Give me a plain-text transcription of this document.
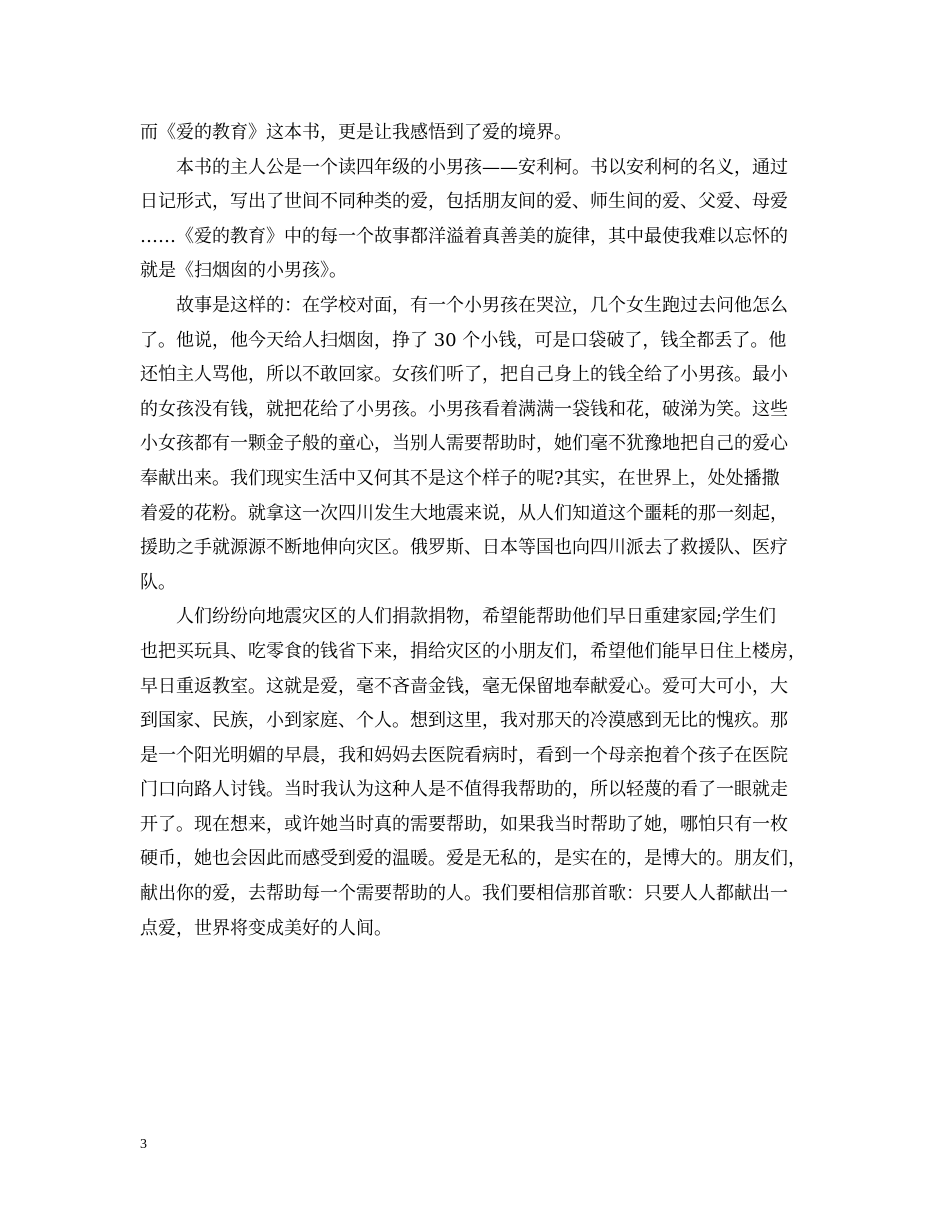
而《爱的教育》这本书，更是让我感悟到了爱的境界。
本书的主人公是一个读四年级的小男孩——安利柯。书以安利柯的名义，通过
日记形式，写出了世间不同种类的爱，包括朋友间的爱、师生间的爱、父爱、母爱
……《爱的教育》中的每一个故事都洋溢着真善美的旋律，其中最使我难以忘怀的
就是《扫烟囱的小男孩》。
故事是这样的：在学校对面，有一个小男孩在哭泣，几个女生跑过去问他怎么
了。他说，他今天给人扫烟囱，挣了 30 个小钱，可是口袋破了，钱全都丢了。他
还怕主人骂他，所以不敢回家。女孩们听了，把自己身上的钱全给了小男孩。最小
的女孩没有钱，就把花给了小男孩。小男孩看着满满一袋钱和花，破涕为笑。这些
小女孩都有一颗金子般的童心，当别人需要帮助时，她们毫不犹豫地把自己的爱心
奉献出来。我们现实生活中又何其不是这个样子的呢?其实，在世界上，处处播撒
着爱的花粉。就拿这一次四川发生大地震来说，从人们知道这个噩耗的那一刻起，
援助之手就源源不断地伸向灾区。俄罗斯、日本等国也向四川派去了救援队、医疗
队。
人们纷纷向地震灾区的人们捐款捐物，希望能帮助他们早日重建家园;学生们
也把买玩具、吃零食的钱省下来，捐给灾区的小朋友们，希望他们能早日住上楼房，
早日重返教室。这就是爱，毫不吝啬金钱，毫无保留地奉献爱心。爱可大可小，大
到国家、民族，小到家庭、个人。想到这里，我对那天的冷漠感到无比的愧疚。那
是一个阳光明媚的早晨，我和妈妈去医院看病时，看到一个母亲抱着个孩子在医院
门口向路人讨钱。当时我认为这种人是不值得我帮助的，所以轻蔑的看了一眼就走
开了。现在想来，或许她当时真的需要帮助，如果我当时帮助了她，哪怕只有一枚
硬币，她也会因此而感受到爱的温暖。爱是无私的，是实在的，是博大的。朋友们，
献出你的爱，去帮助每一个需要帮助的人。我们要相信那首歌：只要人人都献出一
点爱，世界将变成美好的人间。
3
